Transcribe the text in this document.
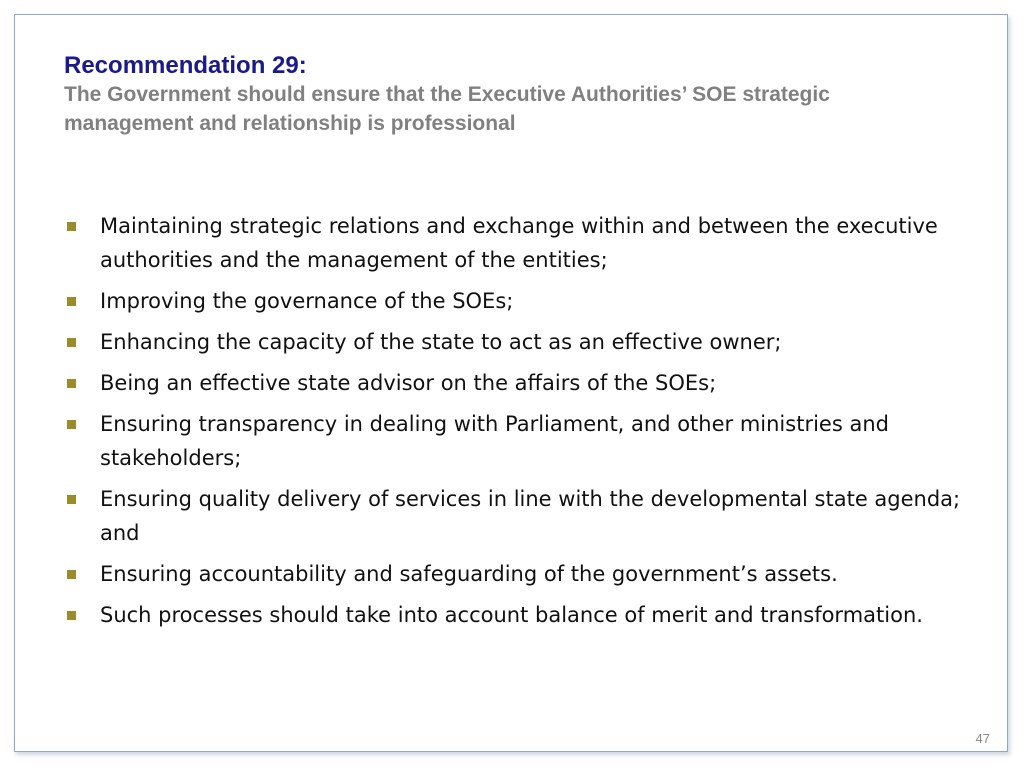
Recommendation 29:

The Government should ensure that the Executive Authorities’ SOE strategic management and relationship is professional

Maintaining strategic relations and exchange within and between the executive authorities and the management of the entities;
Improving the governance of the SOEs;
Enhancing the capacity of the state to act as an effective owner;
Being an effective state advisor on the affairs of the SOEs;
Ensuring transparency in dealing with Parliament, and other ministries and stakeholders;
Ensuring quality delivery of services in line with the developmental state agenda; and
Ensuring accountability and safeguarding of the government’s assets.
Such processes should take into account balance of merit and transformation.
47
